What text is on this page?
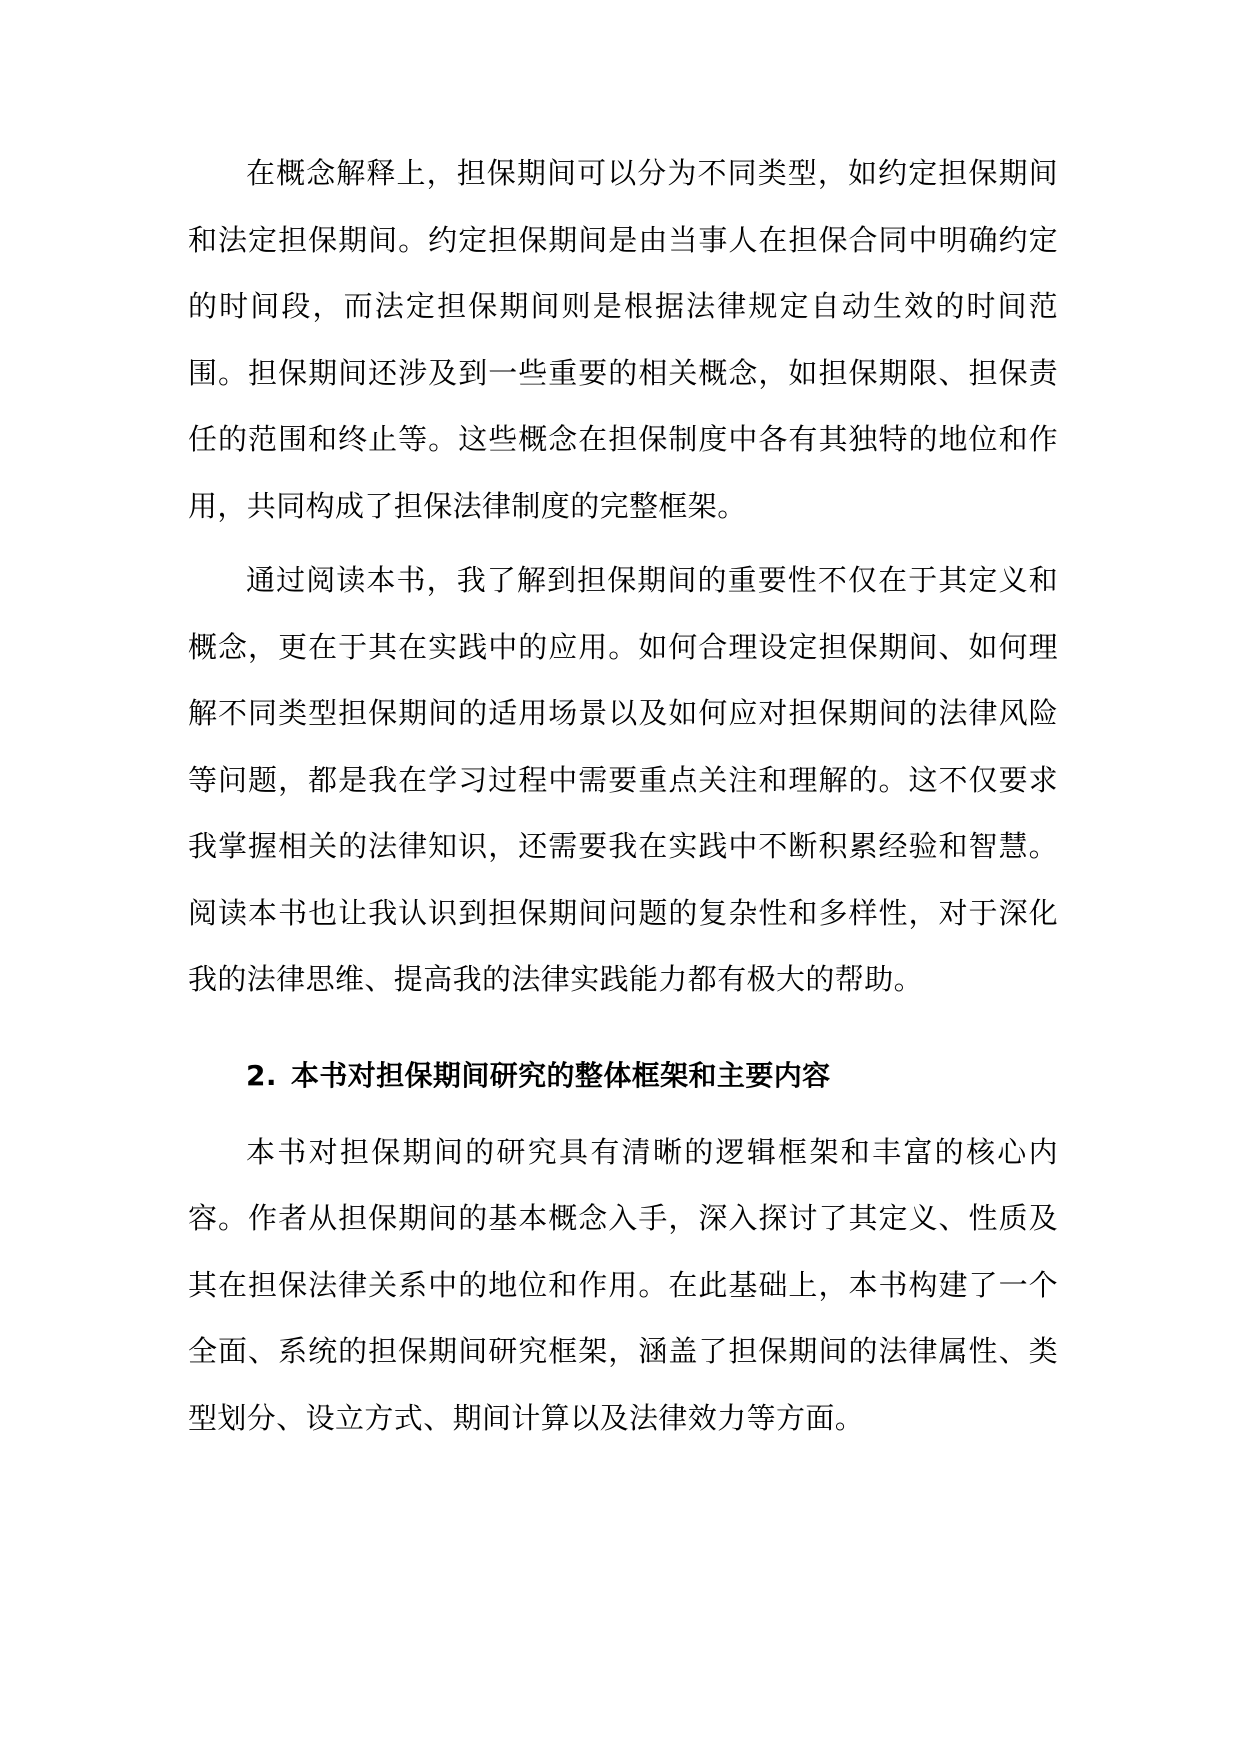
在概念解释上，担保期间可以分为不同类型，如约定担保期间和法定担保期间。约定担保期间是由当事人在担保合同中明确约定的时间段，而法定担保期间则是根据法律规定自动生效的时间范围。担保期间还涉及到一些重要的相关概念，如担保期限、担保责任的范围和终止等。这些概念在担保制度中各有其独特的地位和作用，共同构成了担保法律制度的完整框架。

通过阅读本书，我了解到担保期间的重要性不仅在于其定义和概念，更在于其在实践中的应用。如何合理设定担保期间、如何理解不同类型担保期间的适用场景以及如何应对担保期间的法律风险等问题，都是我在学习过程中需要重点关注和理解的。这不仅要求我掌握相关的法律知识，还需要我在实践中不断积累经验和智慧。阅读本书也让我认识到担保期间问题的复杂性和多样性，对于深化我的法律思维、提高我的法律实践能力都有极大的帮助。

2. 本书对担保期间研究的整体框架和主要内容

本书对担保期间的研究具有清晰的逻辑框架和丰富的核心内容。作者从担保期间的基本概念入手，深入探讨了其定义、性质及其在担保法律关系中的地位和作用。在此基础上，本书构建了一个全面、系统的担保期间研究框架，涵盖了担保期间的法律属性、类型划分、设立方式、期间计算以及法律效力等方面。
